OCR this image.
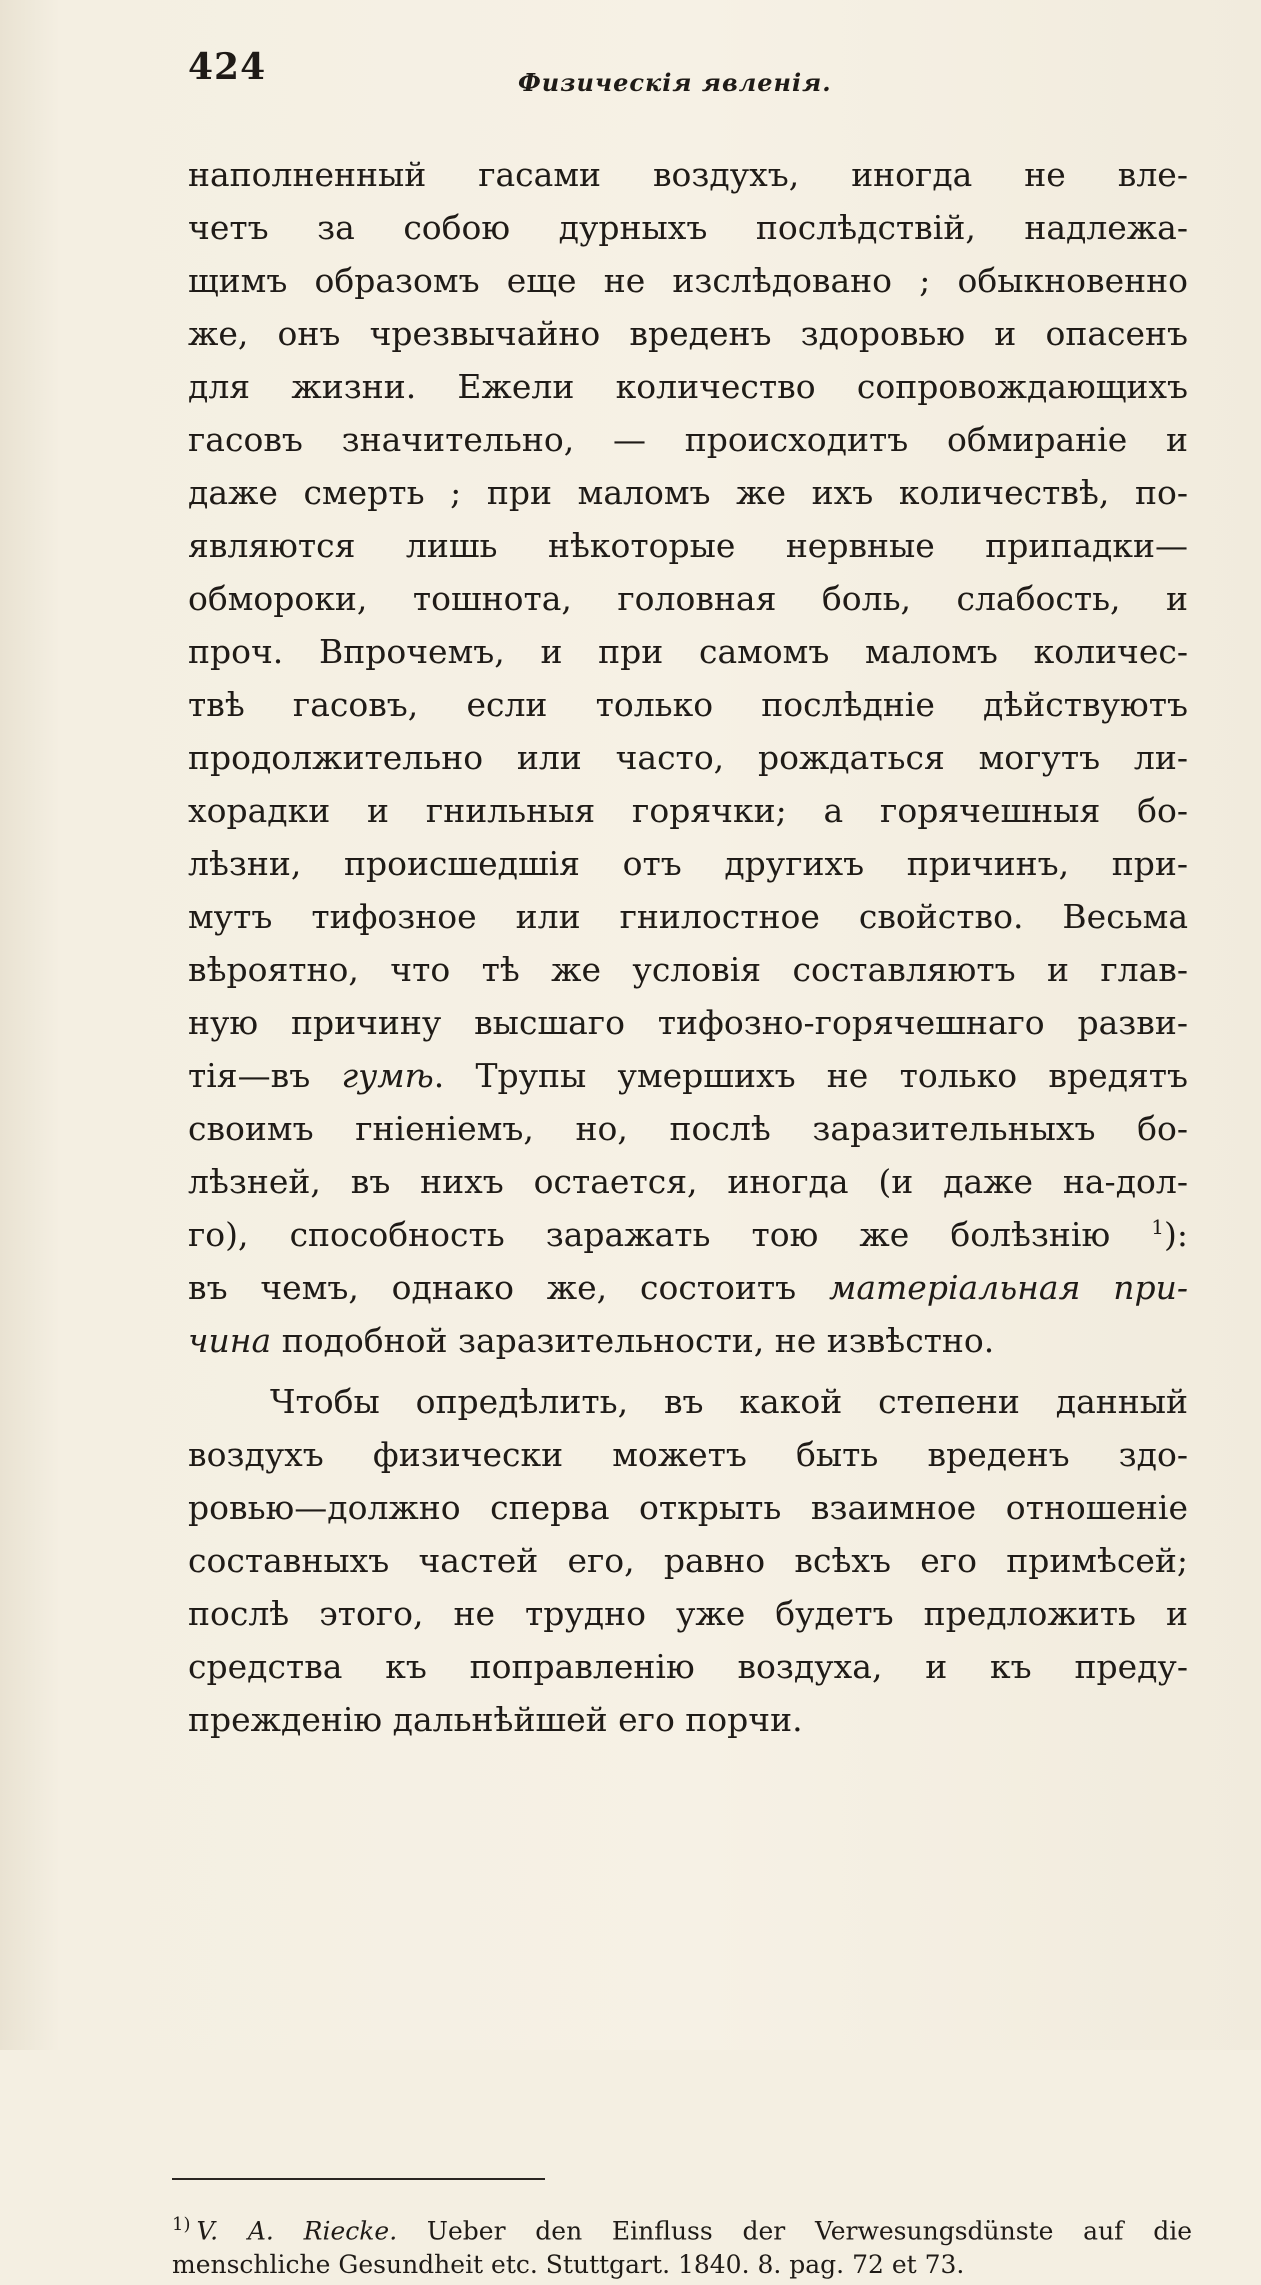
424	Физическія явленія.
наполненный гасами воздухъ, иногда не вле-
четъ за собою дурныхъ послѣдствій, надлежа-
щимъ образомъ еще не изслѣдовано ; обыкновенно
же, онъ чрезвычайно вреденъ здоровью и опасенъ
для жизни. Ежели количество сопровождающихъ
гасовъ значительно, — происходитъ обмираніе и
даже смерть ; при маломъ же ихъ количествѣ, по-
являются лишь нѣкоторые нервные припадки—
обмороки, тошнота, головная боль, слабость, и
проч. Впрочемъ, и при самомъ маломъ количес-
твѣ гасовъ, если только послѣдніе дѣйствуютъ
продолжительно или часто, рождаться могутъ ли-
хорадки и гнильныя горячки; а горячешныя бо-
лѣзни, происшедшія отъ другихъ причинъ, при-
мутъ тифозное или гнилостное свойство. Весьма
вѣроятно, что тѣ же условія составляютъ и глав-
ную причину высшаго тифозно-горячешнаго разви-
тія—въ гумѣ. Трупы умершихъ не только вредятъ
своимъ гніеніемъ, но, послѣ заразительныхъ бо-
лѣзней, въ нихъ остается, иногда (и даже на-дол-
го), способность заражать тою же болѣзнію $^1$):
въ чемъ, однако же, состоитъ матеріальная при-
чина подобной заразительности, не извѣстно.
Чтобы опредѣлить, въ какой степени данный
воздухъ физически можетъ быть вреденъ здо-
ровью—должно сперва открыть взаимное отношеніе
составныхъ частей его, равно всѣхъ его примѣсей;
послѣ этого, не трудно уже будетъ предложить и
средства къ поправленію воздуха, и къ преду-
прежденію дальнѣйшей его порчи.
$^{1)}$ V. A. Riecke. Ueber den Einfluss der Verwesungsdünste auf die
menschliche Gesundheit etc. Stuttgart. 1840. 8. pag. 72 et 73.
